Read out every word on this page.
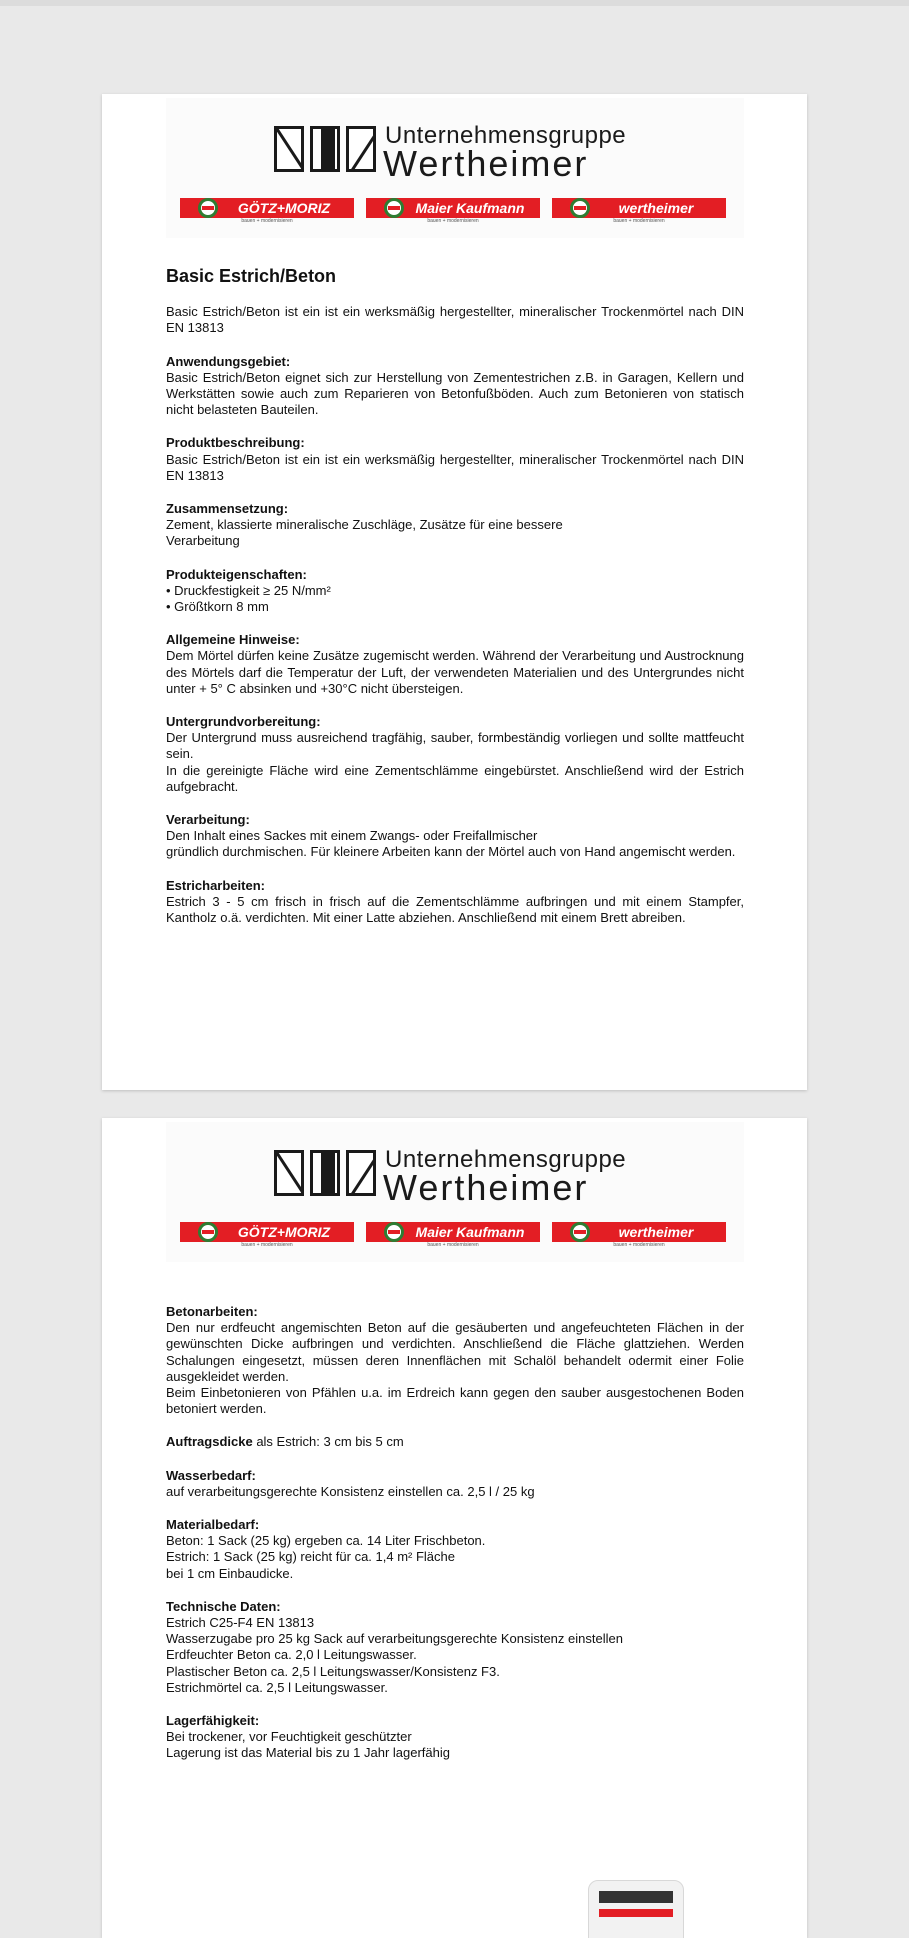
Unternehmensgruppe
Wertheimer
GÖTZ+MORIZ
bauen + modernisieren
Maier Kaufmann
bauen + modernisieren
wertheimer
bauen + modernisieren
Basic Estrich/Beton

Basic Estrich/Beton ist ein ist ein werksmäßig hergestellter, mineralischer Trockenmörtel nach DIN EN 13813

Anwendungsgebiet:
Basic Estrich/Beton eignet sich zur Herstellung von Zementestrichen z.B. in Garagen, Kellern und Werkstätten sowie auch zum Reparieren von Betonfußböden. Auch zum Betonieren von statisch nicht belasteten Bauteilen.

Produktbeschreibung:
Basic Estrich/Beton ist ein ist ein werksmäßig hergestellter, mineralischer Trockenmörtel nach DIN EN 13813

Zusammensetzung:
Zement, klassierte mineralische Zuschläge, Zusätze für eine bessere
Verarbeitung

Produkteigenschaften:
• Druckfestigkeit ≥ 25 N/mm²
• Größtkorn 8 mm

Allgemeine Hinweise:
Dem Mörtel dürfen keine Zusätze zugemischt werden. Während der Verarbeitung und Austrocknung des Mörtels darf die Temperatur der Luft, der verwendeten Materialien und des Untergrundes nicht unter + 5° C absinken und +30°C nicht übersteigen.

Untergrundvorbereitung:
Der Untergrund muss ausreichend tragfähig, sauber, formbeständig vorliegen und sollte mattfeucht sein.
In die gereinigte Fläche wird eine Zementschlämme eingebürstet. Anschließend wird der Estrich aufgebracht.

Verarbeitung:
Den Inhalt eines Sackes mit einem Zwangs- oder Freifallmischer
gründlich durchmischen. Für kleinere Arbeiten kann der Mörtel auch von Hand angemischt werden.

Estricharbeiten:
Estrich 3 - 5 cm frisch in frisch auf die Zementschlämme aufbringen und mit einem Stampfer, Kantholz o.ä. verdichten. Mit einer Latte abziehen. Anschließend mit einem Brett abreiben.

Unternehmensgruppe
Wertheimer
GÖTZ+MORIZ
bauen + modernisieren
Maier Kaufmann
bauen + modernisieren
wertheimer
bauen + modernisieren

Betonarbeiten:
Den nur erdfeucht angemischten Beton auf die gesäuberten und angefeuchteten Flächen in der gewünschten Dicke aufbringen und verdichten. Anschließend die Fläche glattziehen. Werden Schalungen eingesetzt, müssen deren Innenflächen mit Schalöl behandelt odermit einer Folie ausgekleidet werden.
Beim Einbetonieren von Pfählen u.a. im Erdreich kann gegen den sauber ausgestochenen Boden betoniert werden.

Auftragsdicke als Estrich: 3 cm bis 5 cm

Wasserbedarf:
auf verarbeitungsgerechte Konsistenz einstellen ca. 2,5 l / 25 kg

Materialbedarf:
Beton: 1 Sack (25 kg) ergeben ca. 14 Liter Frischbeton.
Estrich: 1 Sack (25 kg) reicht für ca. 1,4 m² Fläche
bei 1 cm Einbaudicke.

Technische Daten:
Estrich C25-F4 EN 13813
Wasserzugabe pro 25 kg Sack auf verarbeitungsgerechte Konsistenz einstellen
Erdfeuchter Beton ca. 2,0 l Leitungswasser.
Plastischer Beton ca. 2,5 l Leitungswasser/Konsistenz F3.
Estrichmörtel ca. 2,5 l Leitungswasser.

Lagerfähigkeit:
Bei trockener, vor Feuchtigkeit geschützter
Lagerung ist das Material bis zu 1 Jahr lagerfähig
